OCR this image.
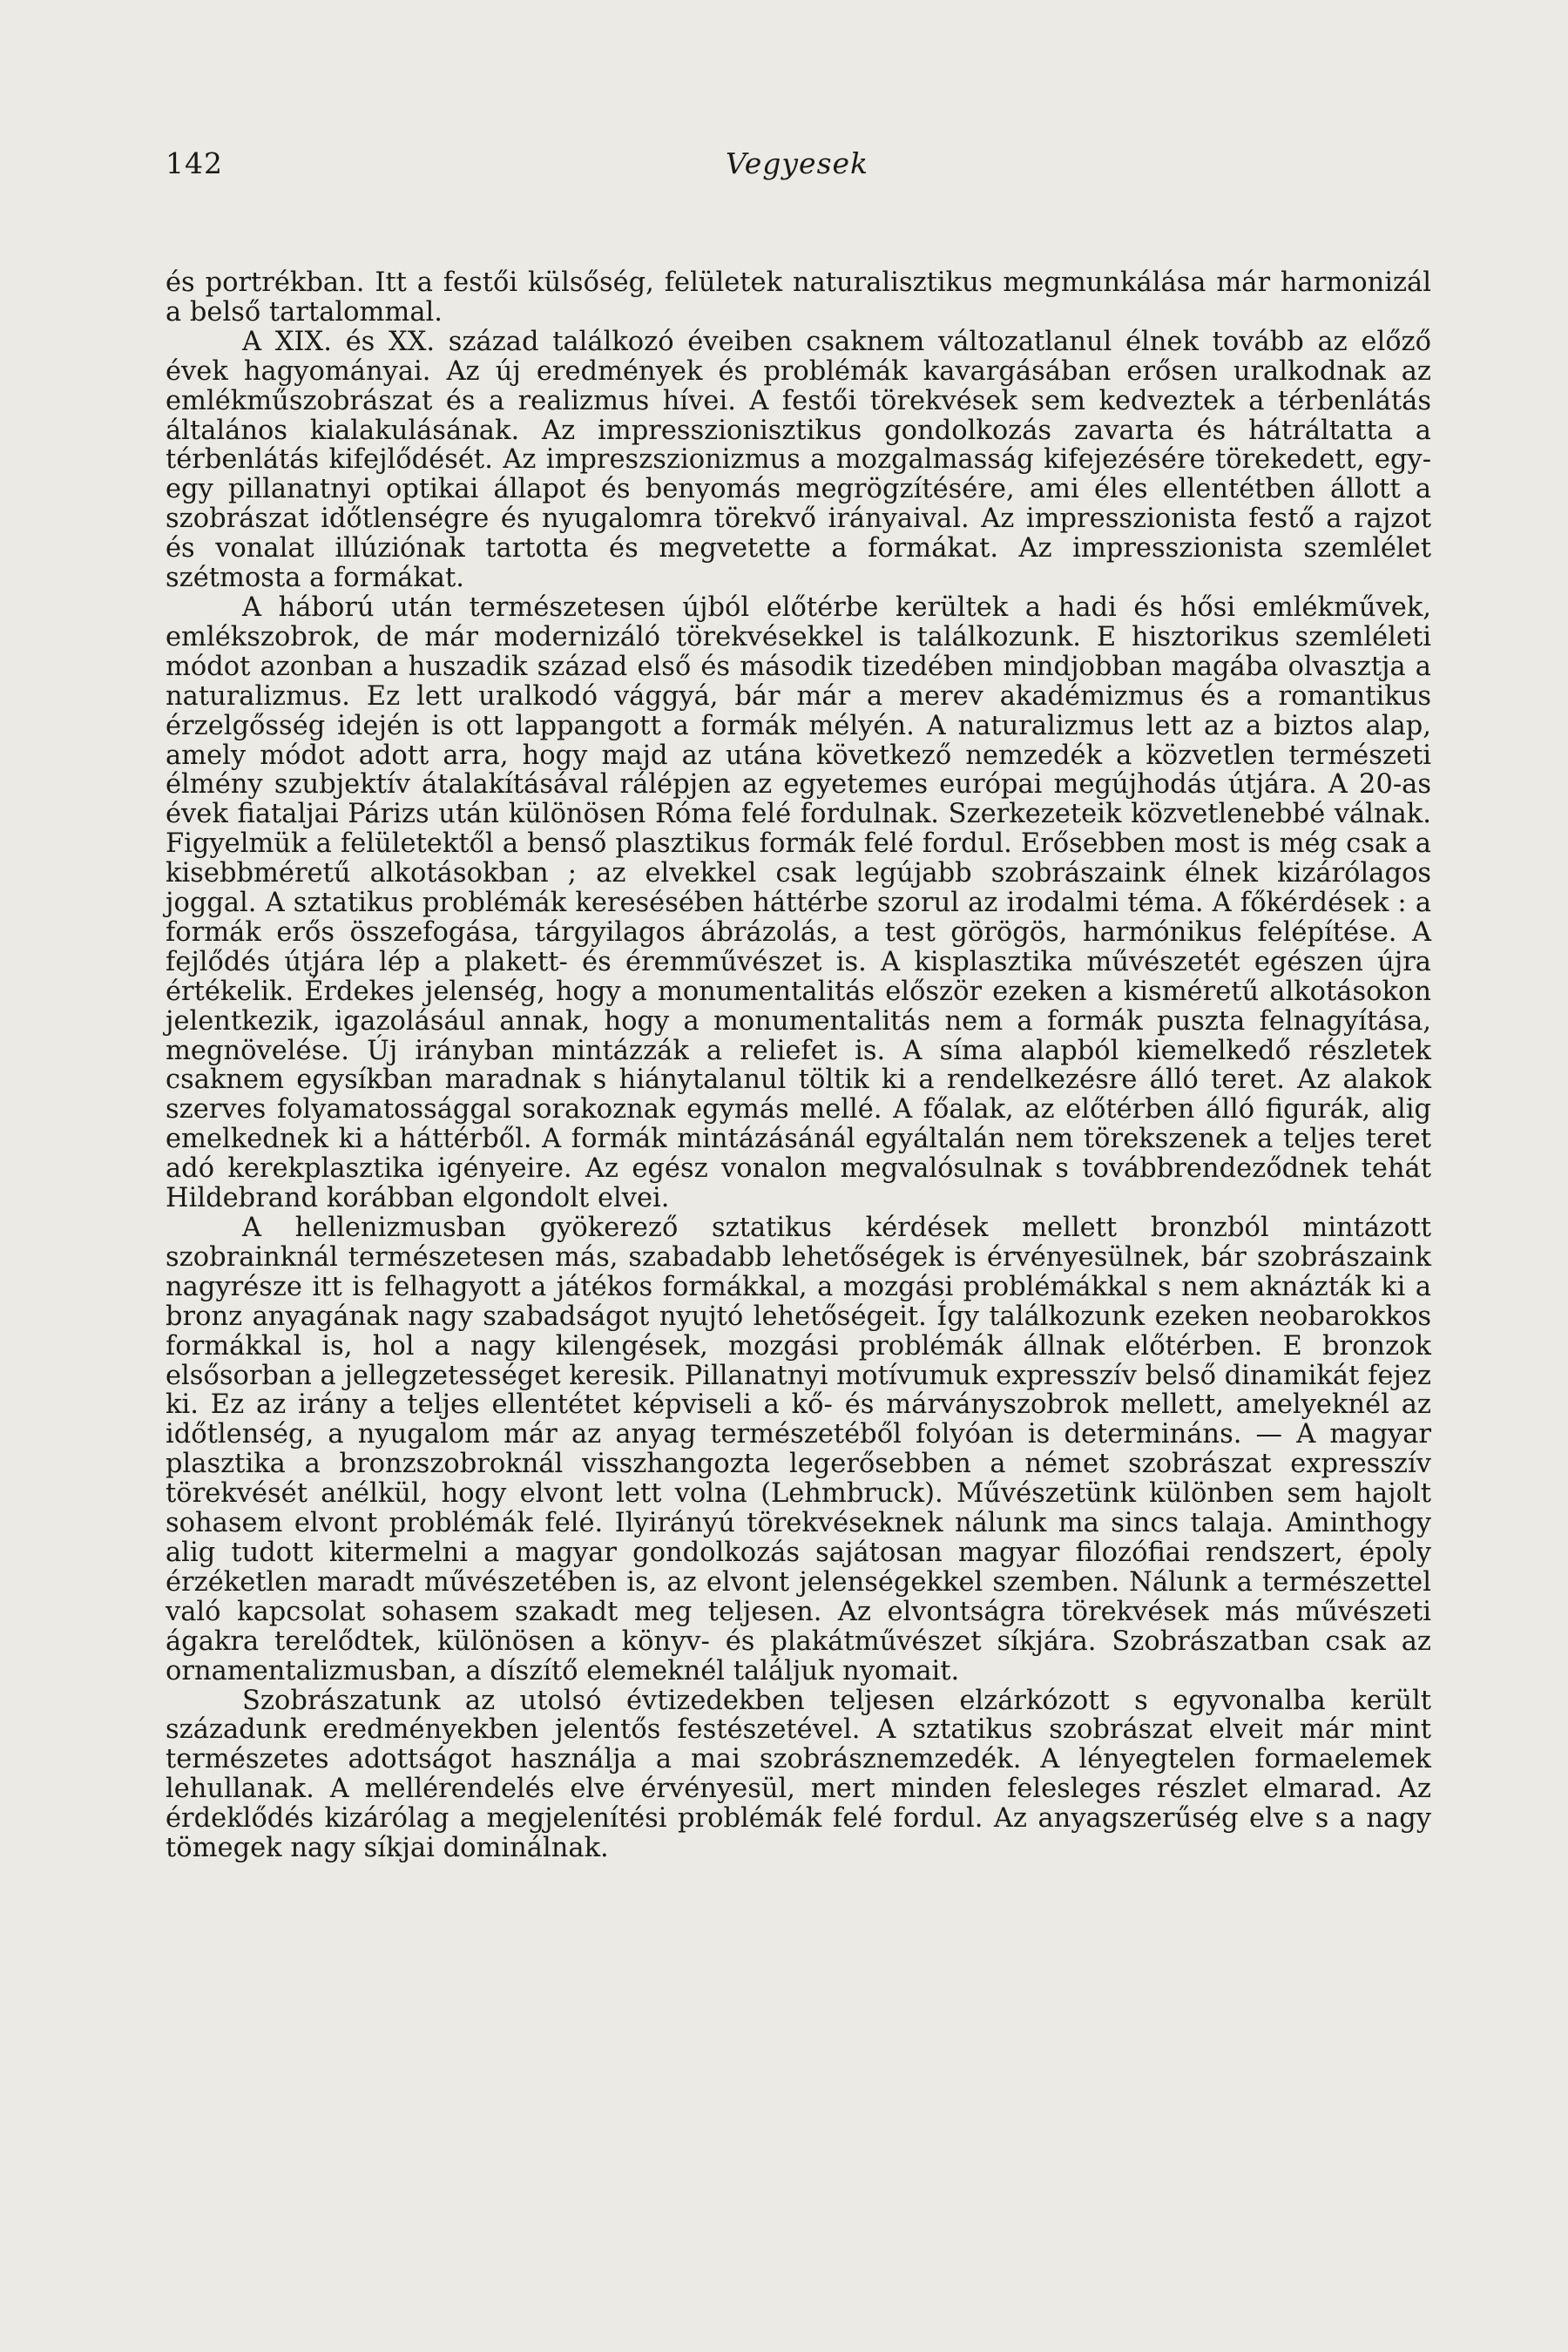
142	Vegyesek

és portrékban. Itt a festői külsőség, felületek naturalisztikus megmunkálása már harmonizál a belső tartalommal.

A XIX. és XX. század találkozó éveiben csaknem változatlanul élnek tovább az előző évek hagyományai. Az új eredmények és problémák kavargásában erősen uralkodnak az emlékműszobrászat és a realizmus hívei. A festői törekvések sem kedveztek a térbenlátás általános kialakulásának. Az impresszionisztikus gondolkozás zavarta és hátráltatta a térbenlátás kifejlődését. Az impreszszionizmus a mozgalmasság kifejezésére törekedett, egy-egy pillanatnyi optikai állapot és benyomás megrögzítésére, ami éles ellentétben állott a szobrászat időtlenségre és nyugalomra törekvő irányaival. Az impresszionista festő a rajzot és vonalat illúziónak tartotta és megvetette a formákat. Az impresszionista szemlélet szétmosta a formákat.

A háború után természetesen újból előtérbe kerültek a hadi és hősi emlékművek, emlékszobrok, de már modernizáló törekvésekkel is találkozunk. E hisztorikus szemléleti módot azonban a huszadik század első és második tizedében mindjobban magába olvasztja a naturalizmus. Ez lett uralkodó vággyá, bár már a merev akadémizmus és a romantikus érzelgősség idején is ott lappangott a formák mélyén. A naturalizmus lett az a biztos alap, amely módot adott arra, hogy majd az utána következő nemzedék a közvetlen természeti élmény szubjektív átalakításával rálépjen az egyetemes európai megújhodás útjára. A 20-as évek fiataljai Párizs után különösen Róma felé fordulnak. Szerkezeteik közvetlenebbé válnak. Figyelmük a felületektől a benső plasztikus formák felé fordul. Erősebben most is még csak a kisebbméretű alkotásokban ; az elvekkel csak legújabb szobrászaink élnek kizárólagos joggal. A sztatikus problémák keresésében háttérbe szorul az irodalmi téma. A főkérdések : a formák erős összefogása, tárgyilagos ábrázolás, a test görögös, harmónikus felépítése. A fejlődés útjára lép a plakett- és éremművészet is. A kisplasztika művészetét egészen újra értékelik. Érdekes jelenség, hogy a monumentalitás először ezeken a kisméretű alkotásokon jelentkezik, igazolásául annak, hogy a monumentalitás nem a formák puszta felnagyítása, megnövelése. Új irányban mintázzák a reliefet is. A síma alapból kiemelkedő részletek csaknem egysíkban maradnak s hiánytalanul töltik ki a rendelkezésre álló teret. Az alakok szerves folyamatossággal sorakoznak egymás mellé. A főalak, az előtérben álló figurák, alig emelkednek ki a háttérből. A formák mintázásánál egyáltalán nem törekszenek a teljes teret adó kerekplasztika igényeire. Az egész vonalon megvalósulnak s továbbrendeződnek tehát Hildebrand korábban elgondolt elvei.

A hellenizmusban gyökerező sztatikus kérdések mellett bronzból mintázott szobrainknál természetesen más, szabadabb lehetőségek is érvényesülnek, bár szobrászaink nagyrésze itt is felhagyott a játékos formákkal, a mozgási problémákkal s nem aknázták ki a bronz anyagának nagy szabadságot nyujtó lehetőségeit. Így találkozunk ezeken neobarokkos formákkal is, hol a nagy kilengések, mozgási problémák állnak előtérben. E bronzok elsősorban a jellegzetességet keresik. Pillanatnyi motívumuk expresszív belső dinamikát fejez ki. Ez az irány a teljes ellentétet képviseli a kő- és márványszobrok mellett, amelyeknél az időtlenség, a nyugalom már az anyag természetéből folyóan is determináns. — A magyar plasztika a bronzszobroknál visszhangozta legerősebben a német szobrászat expresszív törekvését anélkül, hogy elvont lett volna (Lehmbruck). Művészetünk különben sem hajolt sohasem elvont problémák felé. Ilyirányú törekvéseknek nálunk ma sincs talaja. Aminthogy alig tudott kitermelni a magyar gondolkozás sajátosan magyar filozófiai rendszert, époly érzéketlen maradt művészetében is, az elvont jelenségekkel szemben. Nálunk a természettel való kapcsolat sohasem szakadt meg teljesen. Az elvontságra törekvések más művészeti ágakra terelődtek, különösen a könyv- és plakátművészet síkjára. Szobrászatban csak az ornamentalizmusban, a díszítő elemeknél találjuk nyomait.

Szobrászatunk az utolsó évtizedekben teljesen elzárkózott s egyvonalba került századunk eredményekben jelentős festészetével. A sztatikus szobrászat elveit már mint természetes adottságot használja a mai szobrásznemzedék. A lényegtelen formaelemek lehullanak. A mellérendelés elve érvényesül, mert minden felesleges részlet elmarad. Az érdeklődés kizárólag a megjelenítési problémák felé fordul. Az anyagszerűség elve s a nagy tömegek nagy síkjai dominálnak.
